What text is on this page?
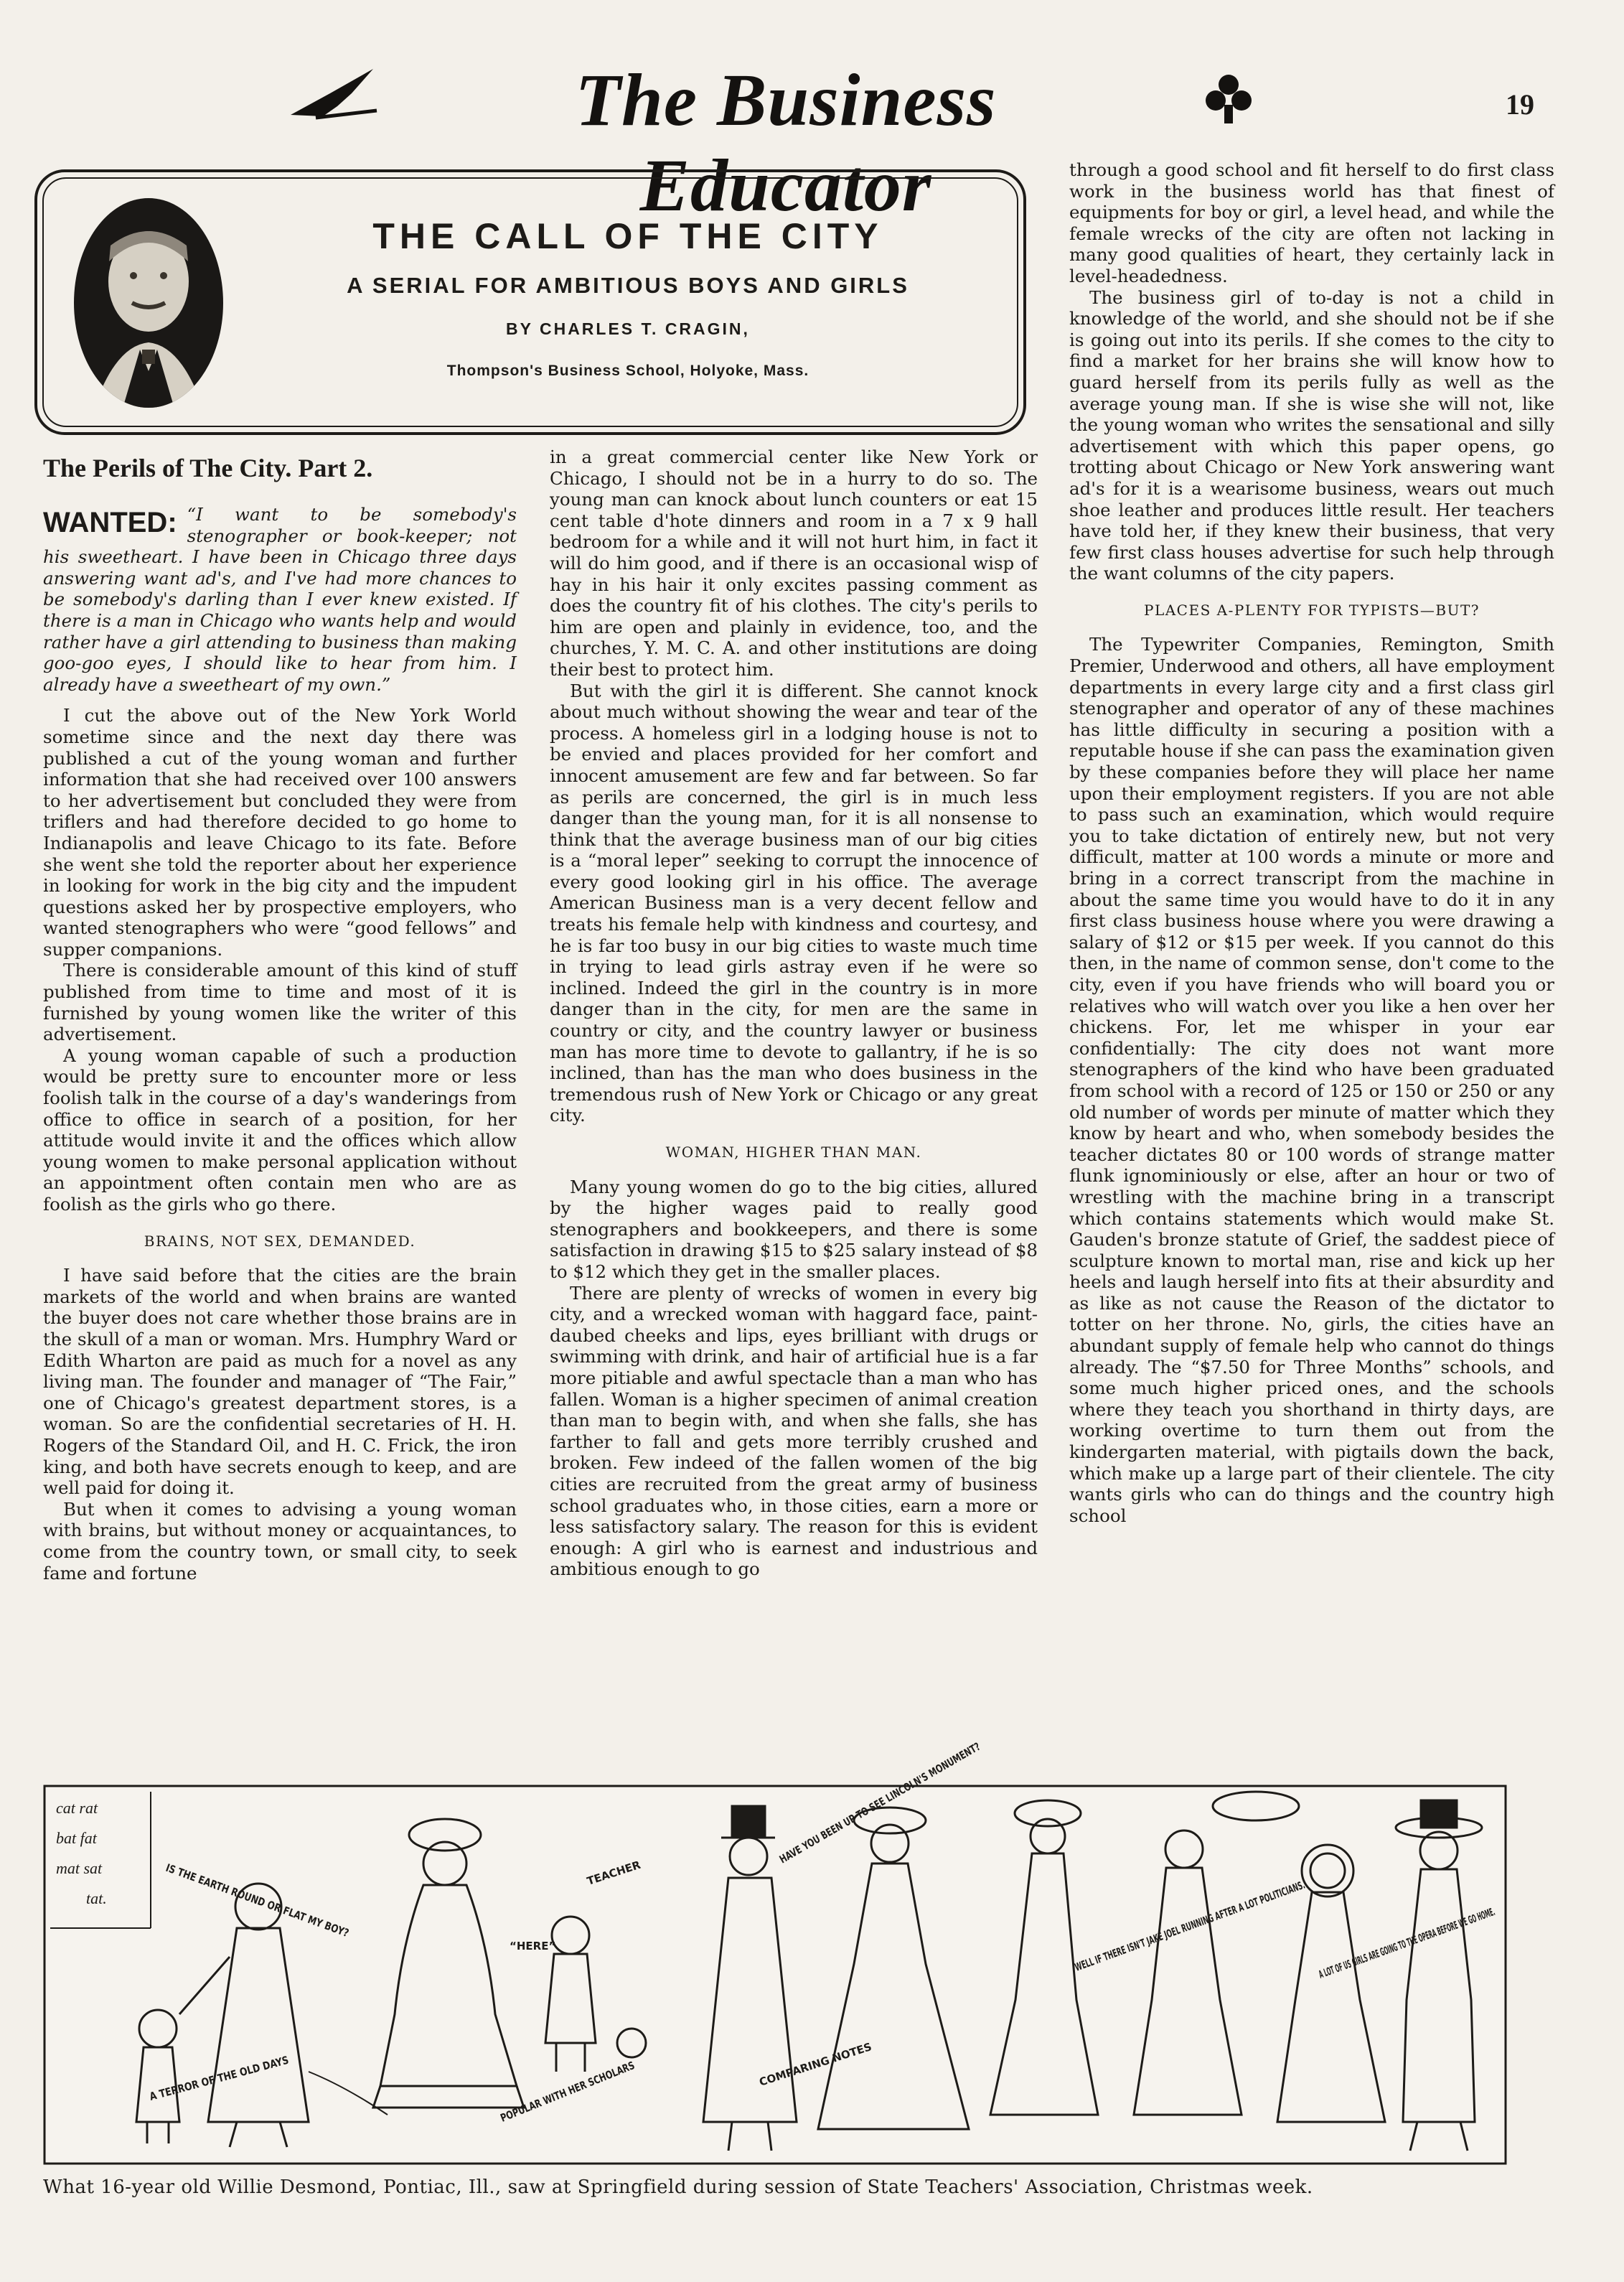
The Business Educator
19
THE CALL OF THE CITY
A SERIAL FOR AMBITIOUS BOYS AND GIRLS
BY CHARLES T. CRAGIN,
Thompson's Business School, Holyoke, Mass.

The Perils of The City. Part 2.

WANTED: “I want to be somebody's stenographer or book-keeper; not his sweetheart. I have been in Chicago three days answering want ad's, and I've had more chances to be somebody's darling than I ever knew existed. If there is a man in Chicago who wants help and would rather have a girl attending to business than making goo-goo eyes, I should like to hear from him. I already have a sweetheart of my own.”

I cut the above out of the New York World sometime since and the next day there was published a cut of the young woman and further information that she had received over 100 answers to her advertisement but concluded they were from triflers and had therefore decided to go home to Indianapolis and leave Chicago to its fate. Before she went she told the reporter about her experience in looking for work in the big city and the impudent questions asked her by prospective employers, who wanted stenographers who were “good fellows” and supper companions.

There is considerable amount of this kind of stuff published from time to time and most of it is furnished by young women like the writer of this advertisement.

A young woman capable of such a production would be pretty sure to encounter more or less foolish talk in the course of a day's wanderings from office to office in search of a position, for her attitude would invite it and the offices which allow young women to make personal application without an appointment often contain men who are as foolish as the girls who go there.

BRAINS, NOT SEX, DEMANDED.

I have said before that the cities are the brain markets of the world and when brains are wanted the buyer does not care whether those brains are in the skull of a man or woman. Mrs. Humphry Ward or Edith Wharton are paid as much for a novel as any living man. The founder and manager of “The Fair,” one of Chicago's greatest department stores, is a woman. So are the confidential secretaries of H. H. Rogers of the Standard Oil, and H. C. Frick, the iron king, and both have secrets enough to keep, and are well paid for doing it.

But when it comes to advising a young woman with brains, but without money or acquaintances, to come from the country town, or small city, to seek fame and fortune

in a great commercial center like New York or Chicago, I should not be in a hurry to do so. The young man can knock about lunch counters or eat 15 cent table d'hote dinners and room in a 7 x 9 hall bedroom for a while and it will not hurt him, in fact it will do him good, and if there is an occasional wisp of hay in his hair it only excites passing comment as does the country fit of his clothes. The city's perils to him are open and plainly in evidence, too, and the churches, Y. M. C. A. and other institutions are doing their best to protect him.

But with the girl it is different. She cannot knock about much without showing the wear and tear of the process. A homeless girl in a lodging house is not to be envied and places provided for her comfort and innocent amusement are few and far between. So far as perils are concerned, the girl is in much less danger than the young man, for it is all nonsense to think that the average business man of our big cities is a “moral leper” seeking to corrupt the innocence of every good looking girl in his office. The average American Business man is a very decent fellow and treats his female help with kindness and courtesy, and he is far too busy in our big cities to waste much time in trying to lead girls astray even if he were so inclined. Indeed the girl in the country is in more danger than in the city, for men are the same in country or city, and the country lawyer or business man has more time to devote to gallantry, if he is so inclined, than has the man who does business in the tremendous rush of New York or Chicago or any great city.

WOMAN, HIGHER THAN MAN.

Many young women do go to the big cities, allured by the higher wages paid to really good stenographers and bookkeepers, and there is some satisfaction in drawing $15 to $25 salary instead of $8 to $12 which they get in the smaller places.

There are plenty of wrecks of women in every big city, and a wrecked woman with haggard face, paint-daubed cheeks and lips, eyes brilliant with drugs or swimming with drink, and hair of artificial hue is a far more pitiable and awful spectacle than a man who has fallen. Woman is a higher specimen of animal creation than man to begin with, and when she falls, she has farther to fall and gets more terribly crushed and broken. Few indeed of the fallen women of the big cities are recruited from the great army of business school graduates who, in those cities, earn a more or less satisfactory salary. The reason for this is evident enough: A girl who is earnest and industrious and ambitious enough to go

through a good school and fit herself to do first class work in the business world has that finest of equipments for boy or girl, a level head, and while the female wrecks of the city are often not lacking in many good qualities of heart, they certainly lack in level-headedness.

The business girl of to-day is not a child in knowledge of the world, and she should not be if she is going out into its perils. If she comes to the city to find a market for her brains she will know how to guard herself from its perils fully as well as the average young man. If she is wise she will not, like the young woman who writes the sensational and silly advertisement with which this paper opens, go trotting about Chicago or New York answering want ad's for it is a wearisome business, wears out much shoe leather and produces little result. Her teachers have told her, if they knew their business, that very few first class houses advertise for such help through the want columns of the city papers.

PLACES A-PLENTY FOR TYPISTS—BUT?

The Typewriter Companies, Remington, Smith Premier, Underwood and others, all have employment departments in every large city and a first class girl stenographer and operator of any of these machines has little difficulty in securing a position with a reputable house if she can pass the examination given by these companies before they will place her name upon their employment registers. If you are not able to pass such an examination, which would require you to take dictation of entirely new, but not very difficult, matter at 100 words a minute or more and bring in a correct transcript from the machine in about the same time you would have to do it in any first class business house where you were drawing a salary of $12 or $15 per week. If you cannot do this then, in the name of common sense, don't come to the city, even if you have friends who will board you or relatives who will watch over you like a hen over her chickens. For, let me whisper in your ear confidentially: The city does not want more stenographers of the kind who have been graduated from school with a record of 125 or 150 or 250 or any old number of words per minute of matter which they know by heart and who, when somebody besides the teacher dictates 80 or 100 words of strange matter flunk ignominiously or else, after an hour or two of wrestling with the machine bring in a transcript which contains statements which would make St. Gauden's bronze statute of Grief, the saddest piece of sculpture known to mortal man, rise and kick up her heels and laugh herself into fits at their absurdity and as like as not cause the Reason of the dictator to totter on her throne. No, girls, the cities have an abundant supply of female help who cannot do things already. The “$7.50 for Three Months” schools, and some much higher priced ones, and the schools where they teach you shorthand in thirty days, are working overtime to turn them out from the kindergarten material, with pigtails down the back, which make up a large part of their clientele. The city wants girls who can do things and the country high school

cat rat bat fat mat sat tat.	IS THE EARTH ROUND OR FLAT MY BOY?
A TERROR OF THE OLD DAYS
“HERE”
TEACHER
POPULAR WITH HER SCHOLARS
HAVE YOU BEEN UP TO SEE LINCOLN'S MONUMENT?
COMPARING NOTES
WELL IF THERE ISN'T JAKE JOEL RUNNING AFTER A LOT POLITICIANS.
What 16-year old Willie Desmond, Pontiac, Ill., saw at Springfield during session of State Teachers' Association, Christmas week.
